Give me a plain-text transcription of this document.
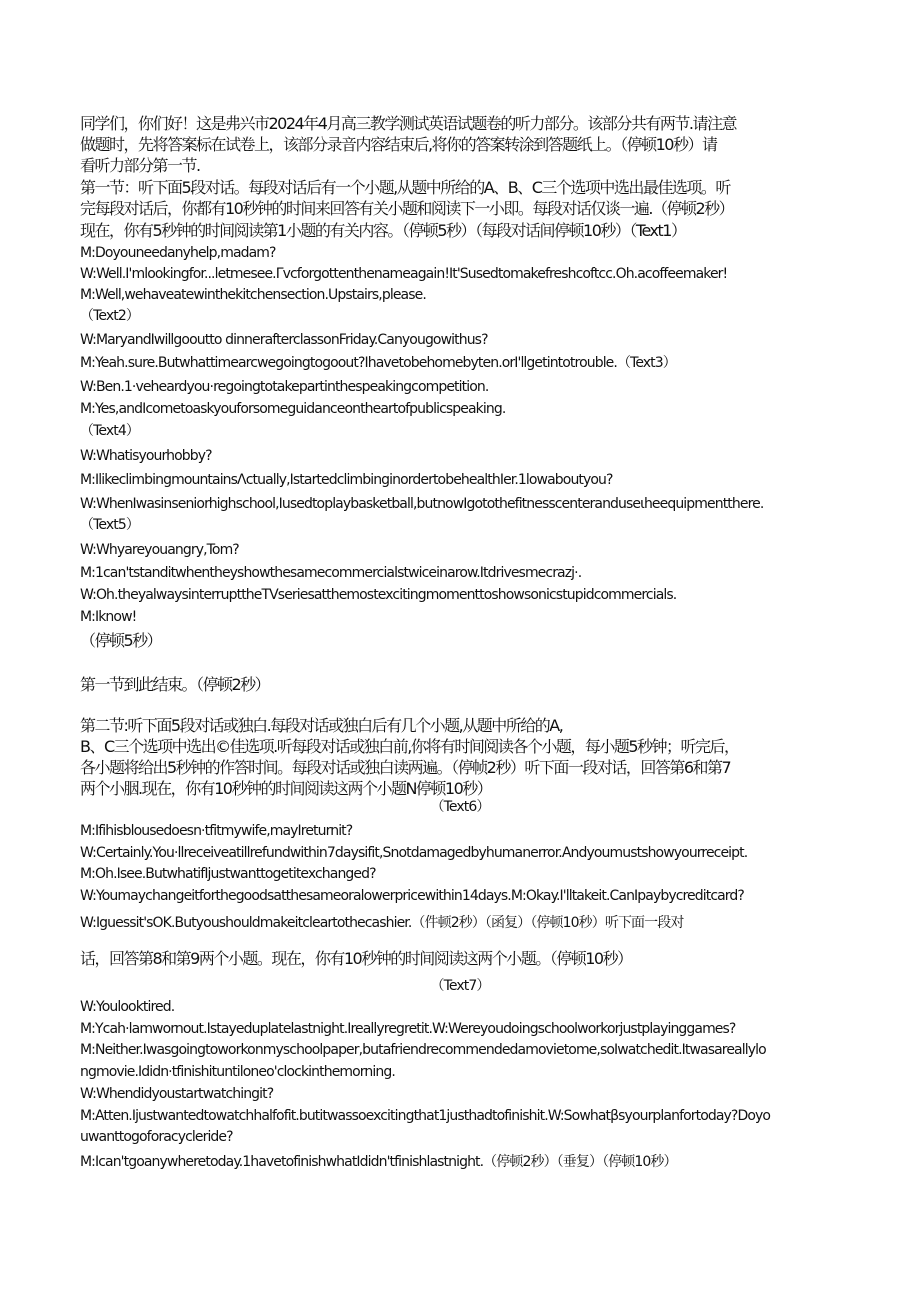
同学们，你们好！这是弗兴市2024年4月高三教学测试英语试题卷的听力部分。该部分共有两节.请注意
做题时，先将答案标在试卷上，该部分录音内容结束后,将你的答案转涂到答题纸上。（停顿10秒）请
看听力部分第一节.
第一节：听下面5段对话。每段对话后有一个小题,从题中所给的A、B、C三个选项中选出最佳选项。听
完每段对话后，你都有10秒钟的时间来回答有关小题和阅读下一小即。每段对话仅谈一遍.（停顿2秒）
现在，你有5秒钟的时间阅读第1小题的有关内容。（停顿5秒）（每段对话间停顿10秒）（Text1）
M:Doyouneedanyhelp,madam?
W:Well.I'mlookingfor...letmesee.Γvcforgottenthenameagain!It'Susedtomakefreshcoftcc.Oh.acoffeemaker!
M:Well,wehaveatewinthekitchensection.Upstairs,please.
（Text2）
W:MaryandIwillgooutto dinnerafterclassonFriday.Canyougowithus?
M:Yeah.sure.Butwhattimearcwegoingtogoout?Ihavetobehomebyten.orI'llgetintotrouble.（Text3）
W:Ben.1·veheardyou·regoingtotakepartinthespeakingcompetition.
M:Yes,andIcometoaskyouforsomeguidanceontheartofpublicspeaking.
（Text4）
W:Whatisyourhobby?
M:IlikeclimbingmountainsΛctually,IstartedclimbinginordertobehealthIer.1lowaboutyou?
W:WhenIwasinseniorhighschool,Iusedtoplaybasketball,butnowIgotothefitnesscenteranduseιheequipmentthere.
（Text5）
W:Whyareyouangry,Tom?
M:1can'tstanditwhentheyshowthesamecommercialstwiceinarow.Itdrivesmecrazj·.
W:Oh.theyalwaysinterrupttheTVseriesatthemostexcitingmomenttoshowsonicstupidcommercials.
M:Iknow!
（停顿5秒）
第一节到此结束。（停顿2秒）
第二节:听下面5段对话或独白.每段对话或独白后有几个小题,从题中所给的A,
B、C三个选项中选出©佳选项.听每段对话或独白前,你将有时间阅读各个小题，每小题5秒钟；听完后，
各小题将给出5秒钟的作答时间。每段对话或独白读两遍。（停帧2秒）听下面一段对话，回答第6和第7
两个小胭.现在，你有10秒钟的时间阅读这两个小题N停顿10秒）
（Text6）
M:Ifihisblousedoesn·tfitmywife,mayIreturnit?
W:Certainly.You·llreceiveatillrefundwithin7daysifit,Snotdamagedbyhumanerror.Andyoumustshowyourreceipt.
M:Oh.Isee.ButwhatifIjustwanttogetitexchanged?
W:Youmaychangeitforthegoodsatthesameoralowerpricewithin14days.M:Okay.I'lltakeit.CanIpaybycreditcard?
W:Iguessit'sOK.Butyoushouldmakeitcleartothecashier.（件顿2秒）（函复）（停顿10秒）听下面一段对
话，回答第8和第9两个小题。现在，你有10秒钟的时间阅读这两个小题。（停顿10秒）
（Text7）
W:Youlooktired.
M:Ycah·lamwornout.Istayeduplatelastnight.Ireallyregretit.W:Wereyoudoingschoolworkorjustplayinggames?
M:Neither.Iwasgoingtoworkonmyschoolpaper,butafriendrecommendedamovietome,soIwatchedit.Itwasareallylo
ngmovie.Ididn·tfinishituntiloneo'clockinthemorning.
W:Whendidyoustartwatchingit?
M:Atten.Ijustwantedtowatchhalfofit.butitwassoexcitingthat1justhadtofinishit.W:Sowhatβsyourplanfortoday?Doyo
uwanttogoforacycleride?
M:Ican'tgoanywheretoday.1havetofinishwhatIdidn'tfinishlastnight.（停顿2秒）（垂复）（停顿10秒）
